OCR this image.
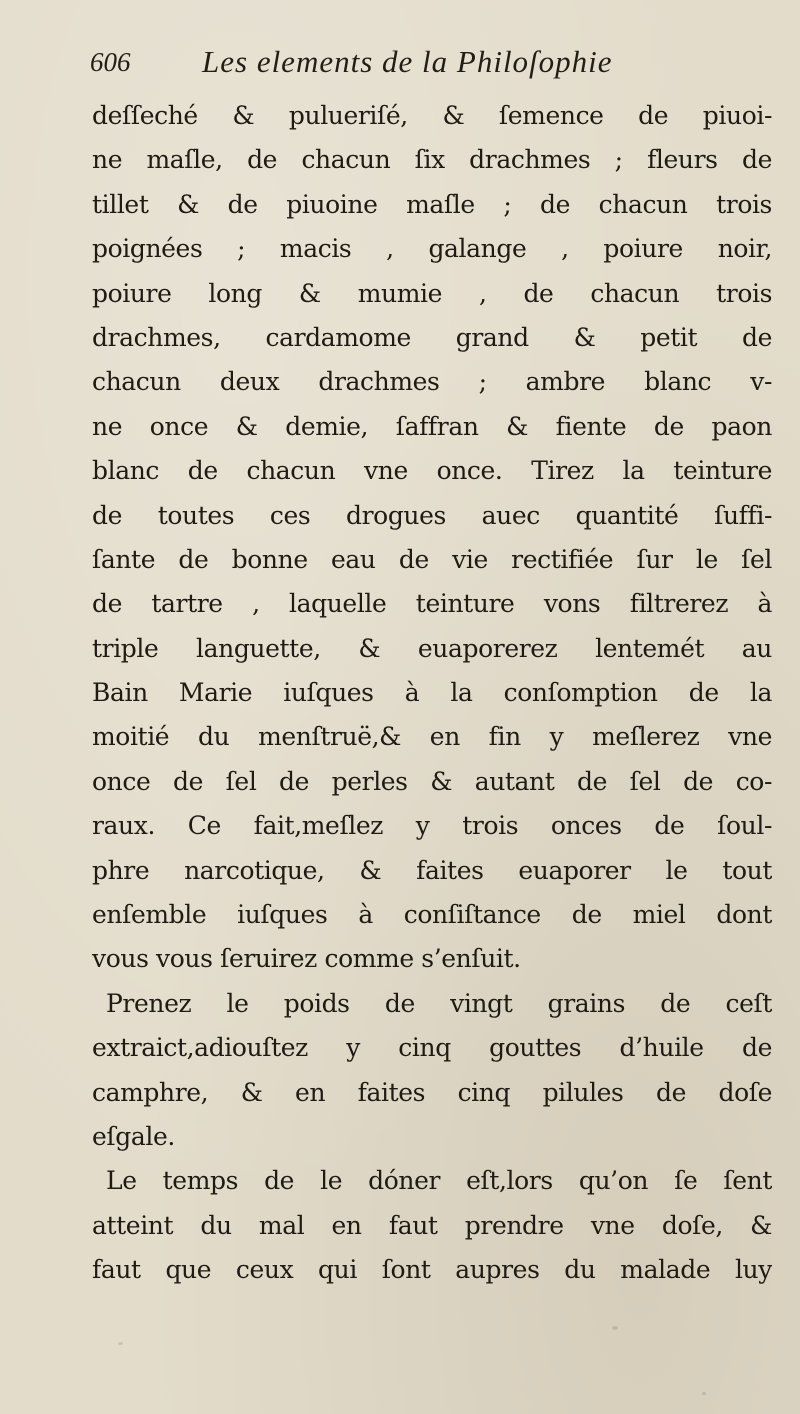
606 Les elements de la Philoſophie
deſſeché & pulueriſé, & ſemence de piuoi-
ne maſle, de chacun ſix drachmes ; fleurs de
tillet & de piuoine maſle ; de chacun trois
poignées ; macis , galange , poiure noir,
poiure long & mumie , de chacun trois
drachmes, cardamome grand & petit de
chacun deux drachmes ; ambre blanc v-
ne once & demie, ſaffran & fiente de paon
blanc de chacun vne once. Tirez la teinture
de toutes ces drogues auec quantité ſuffi-
ſante de bonne eau de vie rectifiée ſur le ſel
de tartre , laquelle teinture vons filtrerez à
triple languette, & euaporerez lentemét au
Bain Marie iuſques à la conſomption de la
moitié du menſtruë,& en fin y meſlerez vne
once de ſel de perles & autant de ſel de co-
raux. Ce fait,meſlez y trois onces de ſoul-
phre narcotique, & faites euaporer le tout
enſemble iuſques à conſiſtance de miel dont
vous vous ſeruirez comme s’enſuit.
Prenez le poids de vingt grains de ceſt
extraict,adiouſtez y cinq gouttes d’huile de
camphre, & en faites cinq pilules de doſe
eſgale.
Le temps de le dóner eſt,lors qu’on ſe ſent
atteint du mal en faut prendre vne doſe, &
faut que ceux qui ſont aupres du malade luy
